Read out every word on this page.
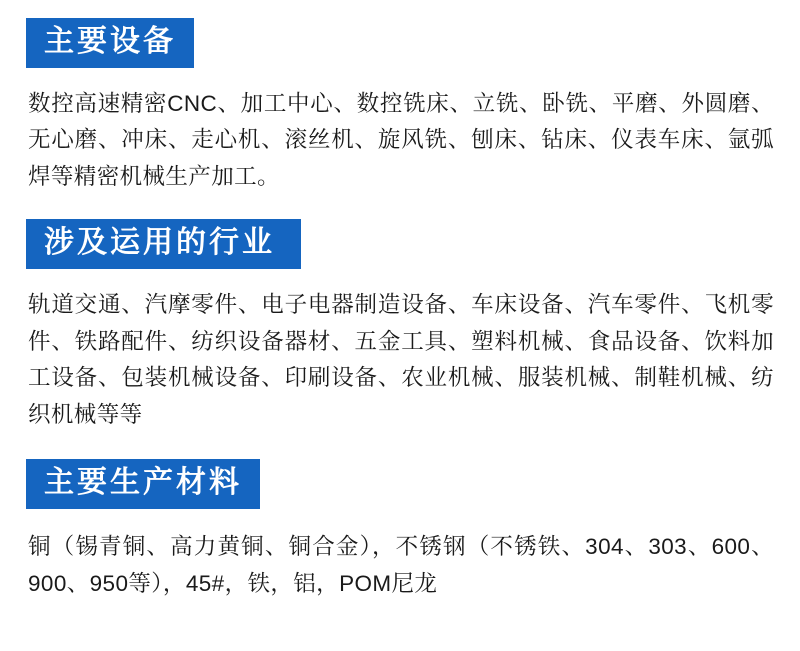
主要设备
数控高速精密CNC、加工中心、数控铣床、立铣、卧铣、平磨、外圆磨、无心磨、冲床、走心机、滚丝机、旋风铣、刨床、钻床、仪表车床、氩弧焊等精密机械生产加工。
涉及运用的行业
轨道交通、汽摩零件、电子电器制造设备、车床设备、汽车零件、飞机零件、铁路配件、纺织设备器材、五金工具、塑料机械、食品设备、饮料加工设备、包装机械设备、印刷设备、农业机械、服装机械、制鞋机械、纺织机械等等
主要生产材料
铜（锡青铜、高力黄铜、铜合金），不锈钢（不锈铁、304、303、600、900、950等），45#，铁，铝，POM尼龙
